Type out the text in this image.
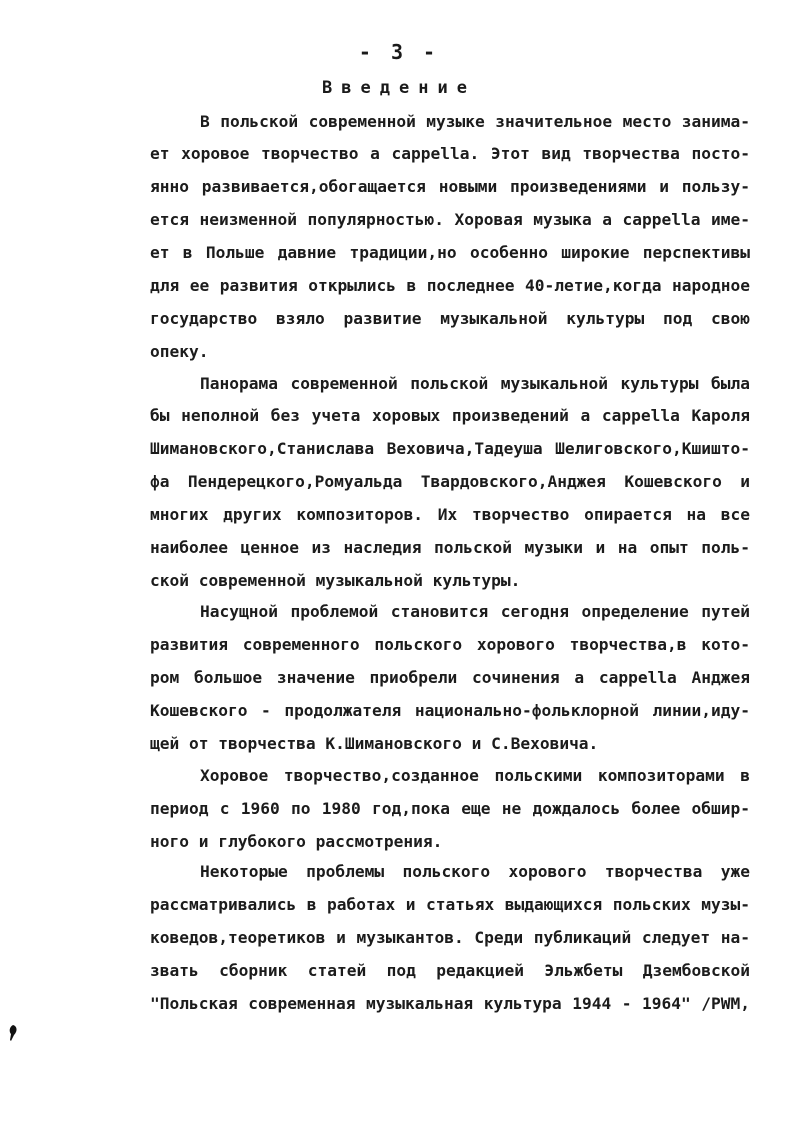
- 3 -
Введение
В польской современной музыке значительное место занима-
ет хоровое творчество a cappella. Этот вид творчества посто-
янно развивается,обогащается новыми произведениями и пользу-
ется неизменной популярностью. Хоровая музыка a cappella име-
ет в Польше давние традиции,но особенно широкие перспективы
для ее развития открылись в последнее 40-летие,когда народное
государство взяло развитие музыкальной культуры под свою
опеку.
Панорама современной польской музыкальной культуры была
бы неполной без учета хоровых произведений a cappella Кароля
Шимановского,Станислава Веховича,Тадеуша Шелиговского,Кшишто-
фа Пендерецкого,Ромуальда Твардовского,Анджея Кошевского и
многих других композиторов. Их творчество опирается на все
наиболее ценное из наследия польской музыки и на опыт поль-
ской современной музыкальной культуры.
Насущной проблемой становится сегодня определение путей
развития современного польского хорового творчества,в кото-
ром большое значение приобрели сочинения a cappella Анджея
Кошевского - продолжателя национально-фольклорной линии,иду-
щей от творчества К.Шимановского и С.Веховича.
Хоровое творчество,созданное польскими композиторами в
период с 1960 по 1980 год,пока еще не дождалось более обшир-
ного и глубокого рассмотрения.
Некоторые проблемы польского хорового творчества уже
рассматривались в работах и статьях выдающихся польских музы-
коведов,теоретиков и музыкантов. Среди публикаций следует на-
звать сборник статей под редакцией Эльжбеты Дзембовской
"Польская современная музыкальная культура 1944 - 1964" /PWM,
